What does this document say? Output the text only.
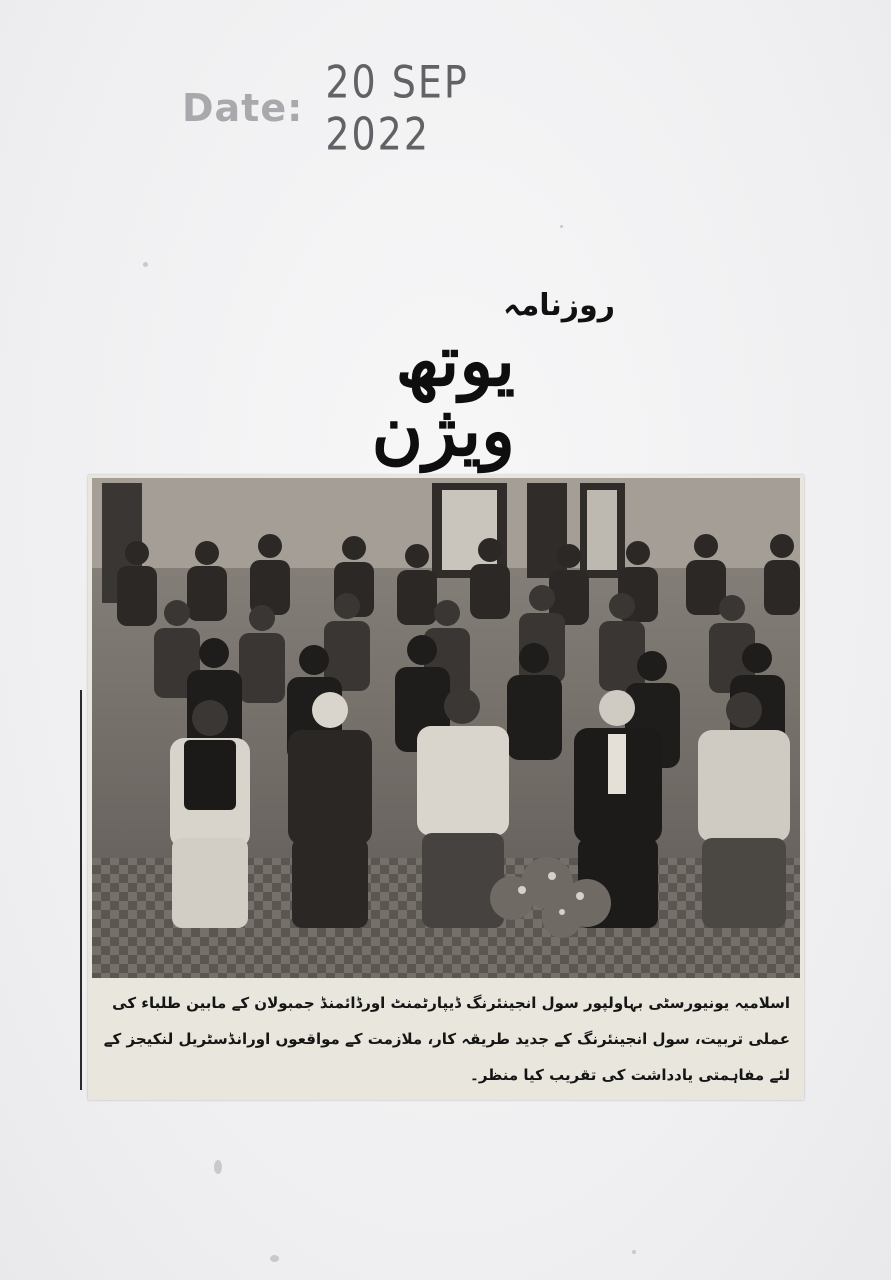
Date: 20 SEP 2022
روزنامہ
یوتھ ویژن
اسلامیہ یونیورسٹی بہاولپور سول انجینئرنگ ڈیپارٹمنٹ اورڈائمنڈ جمبولان کے مابین طلباء کی عملی تربیت، سول انجینئرنگ کے جدید طریقہ کار، ملازمت کے مواقعوں اورانڈسٹریل لنکیجز کے لئے مفاہمتی یادداشت کی تقریب کیا منظر۔
